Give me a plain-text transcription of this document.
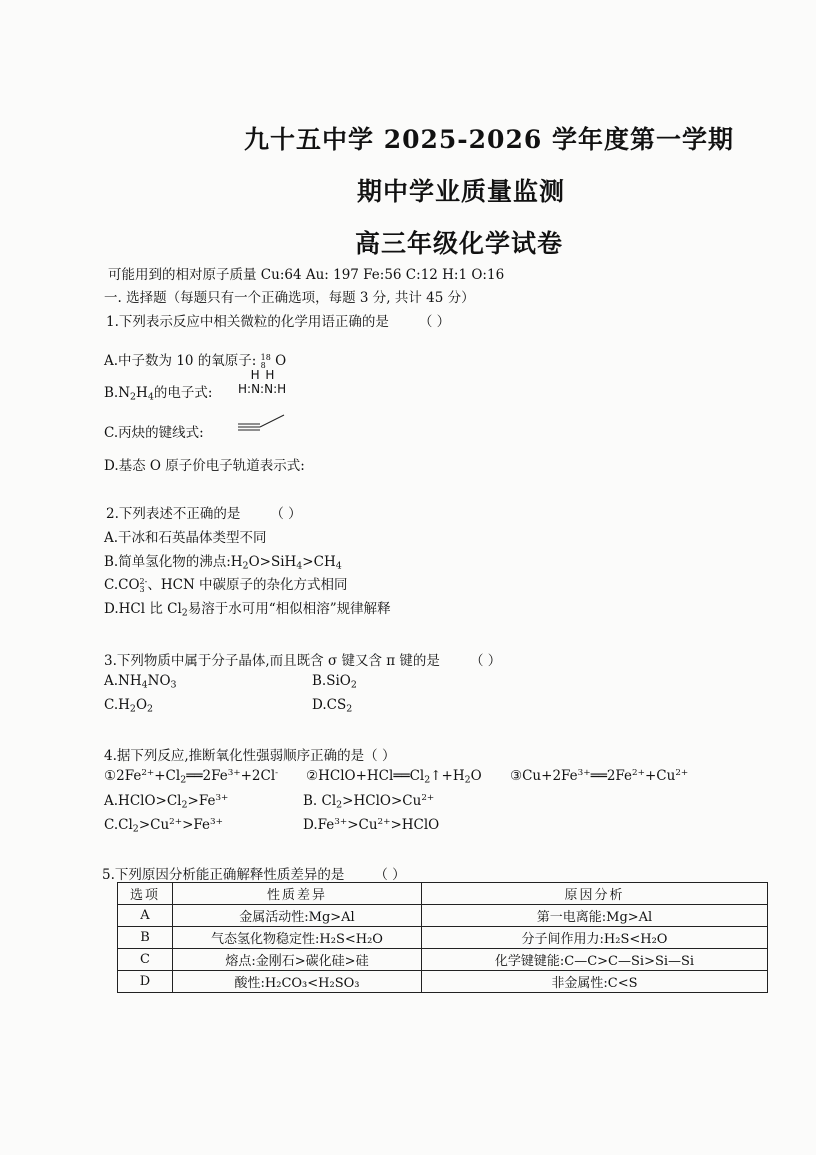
九十五中学 2025-2026 学年度第一学期
期中学业质量监测
高三年级化学试卷
可能用到的相对原子质量 Cu:64 Au: 197 Fe:56 C:12 H:1 O:16
一. 选择题（每题只有一个正确选项，每题 3 分, 共计 45 分）
1.下列表示反应中相关微粒的化学用语正确的是 （ ）
A.中子数为 10 的氧原子: 18
8 O
$B.N_2H_4$的电子式:
H H
H:N:N:H
C.丙炔的键线式:
D.基态 O 原子价电子轨道表示式:
2.下列表述不正确的是 （ ）
A.干冰和石英晶体类型不同
B.简单氢化物的沸点$:H_2O>SiH_4>CH_4$
C.CO 2-
3 、HCN 中碳原子的杂化方式相同
D.HCl 比 $Cl_2$易溶于水可用“相似相溶”规律解释
3.下列物质中属于分子晶体,而且既含 σ 键又含 π 键的是 （ ）
$A.NH_4NO_3$	B.SiO$_2$
$C.H_2O_2$	$D.CS_2$
4.据下列反应,推断氧化性强弱顺序正确的是（ ）
$①2Fe^{2+}+Cl_2══2Fe^{3+}+2Cl^-$ $②HClO+HCl══Cl_2↑+H_2O$ $③Cu+2Fe^{3+}══2Fe^{2+}+Cu^{2+}$
$A.HClO>Cl_2>Fe^{3+}$	B. $Cl_2>HClO>Cu^{2+}$
$C.Cl_2>Cu^{2+}>Fe^{3+}$	$D.Fe^{3+}>Cu^{2+}>HClO$
5.下列原因分析能正确解释性质差异的是 （ ）
选项	性质差异	原因分析
A	金属活动性:Mg>Al	第一电离能:Mg>Al
B	气态氢化物稳定性:H₂S<H₂O	分子间作用力:H₂S<H₂O
C	熔点:金刚石>碳化硅>硅	化学键键能:C—C>C—Si>Si—Si
D	酸性:H₂CO₃<H₂SO₃	非金属性:C<S
